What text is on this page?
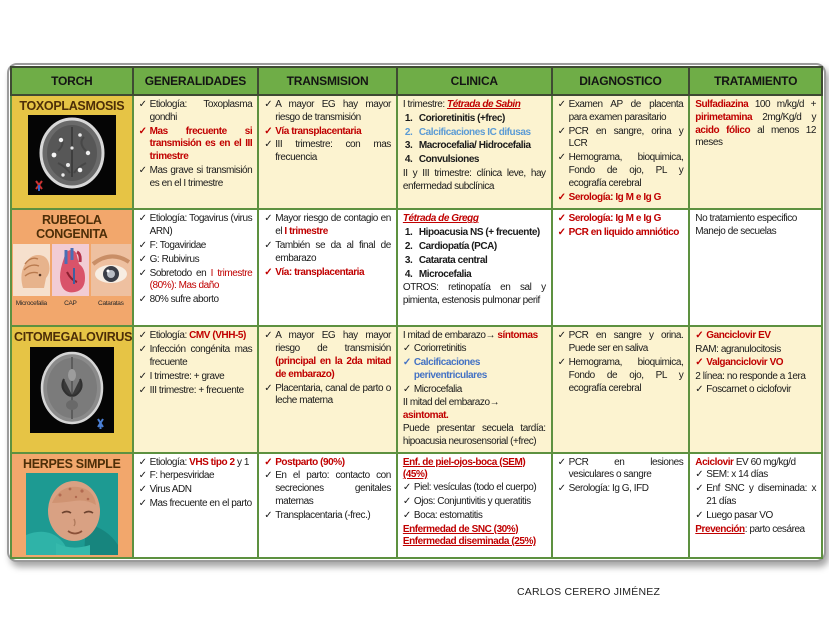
TORCH	GENERALIDADES	TRANSMISION	CLINICA	DIAGNOSTICO	TRATAMIENTO

TOXOPLASMOSIS

✓Etiología: Toxoplasma gondhi
✓ Mas frecuente si transmisión es en el III trimestre
✓ Mas grave si transmisión es en el I trimestre

✓ A mayor EG hay mayor riesgo de transmisión
✓ Vía transplacentaria
✓ III trimestre: con mas frecuencia

I trimestre: Tétrada de Sabin
Corioretinitis (+frec)
Calcificaciones IC difusas
Macrocefalia/ Hidrocefalia
Convulsiones
II y III trimestre: clínica leve, hay enfermedad subclínica

✓ Examen AP de placenta para examen parasitario
✓ PCR en sangre, orina y LCR
✓ Hemograma, bioquimica, Fondo de ojo, PL y ecografía cerebral
✓ Serología: Ig M e Ig G

Sulfadiazina 100 m/kg/d + pirimetamina 2mg/Kg/d y acido fólico al menos 12 meses

RUBEOLA CONGENITA
Microcefalia	CAP	Cataratas

✓ Etiología: Togavirus (virus ARN)
✓ F: Togaviridae
✓ G: Rubivirus
✓ Sobretodo en I trimestre (80%): Mas daño
✓ 80% sufre aborto

✓ Mayor riesgo de contagio en el I trimestre
✓ También se da al final de embarazo
✓ Vía: transplacentaria

Tétrada de Gregg
Hipoacusia NS (+ frecuente)
Cardiopatía (PCA)
Catarata central
Microcefalia
OTROS: retinopatía en sal y pimienta, estenosis pulmonar perif

✓ Serología: Ig M e Ig G
✓ PCR en liquido amniótico

No tratamiento especifico
Manejo de secuelas

CITOMEGALOVIRUS

✓Etiología: CMV (VHH-5)
✓ Infección congénita mas frecuente
✓ I trimestre: + grave
✓ III trimestre: + frecuente

✓ A mayor EG hay mayor riesgo de transmisión (principal en la 2da mitad de embarazo)
✓ Placentaria, canal de parto o leche materna

I mitad de embarazo→ síntomas
✓ Coriorretinitis
✓ Calcificaciones periventriculares
✓ Microcefalia
II mitad del embarazo→ asintomat.
Puede presentar secuela tardía: hipoacusia neurosensorial (+frec)

✓ PCR en sangre y orina. Puede ser en saliva
✓ Hemograma, bioquimica, Fondo de ojo, PL y ecografía cerebral

✓ Ganciclovir EV
RAM: agranulocitosis
✓ Valganciclovir VO
2 línea: no responde a 1era
✓ Foscarnet o ciclofovir

HERPES SIMPLE

✓Etiología: VHS tipo 2 y 1
✓ F: herpesviridae
✓ Virus ADN
✓ Mas frecuente en el parto

✓ Postparto (90%)
✓ En el parto: contacto con secreciones genitales maternas
✓ Transplacentaria (-frec.)

Enf. de piel-ojos-boca (SEM) (45%)
✓ Piel: vesículas (todo el cuerpo)
✓ Ojos: Conjuntivitis y queratitis
✓ Boca: estomatitis
Enfermedad de SNC (30%)
Enfermedad diseminada (25%)

✓ PCR en lesiones vesiculares o sangre
✓ Serología: Ig G, IFD

Aciclovir EV 60 mg/kg/d
✓ SEM: x 14 días
✓ Enf SNC y diseminada: x 21 días
✓ Luego pasar VO
Prevención: parto cesárea
CARLOS CERERO JIMÉNEZ
